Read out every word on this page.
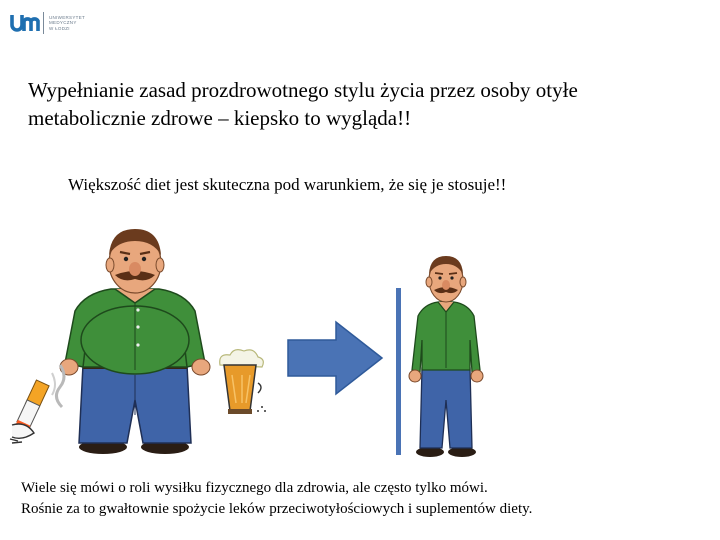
UNIWERSYTET
MEDYCZNY
W ŁODZI
Wypełnianie zasad prozdrowotnego stylu życia przez osoby otyłe metabolicznie zdrowe – kiepsko to wygląda!!
Większość diet jest skuteczna pod warunkiem, że się je stosuje!!
Wiele się mówi o roli wysiłku fizycznego dla zdrowia, ale często tylko mówi.
Rośnie za to gwałtownie spożycie leków przeciwotyłościowych i suplementów diety.
